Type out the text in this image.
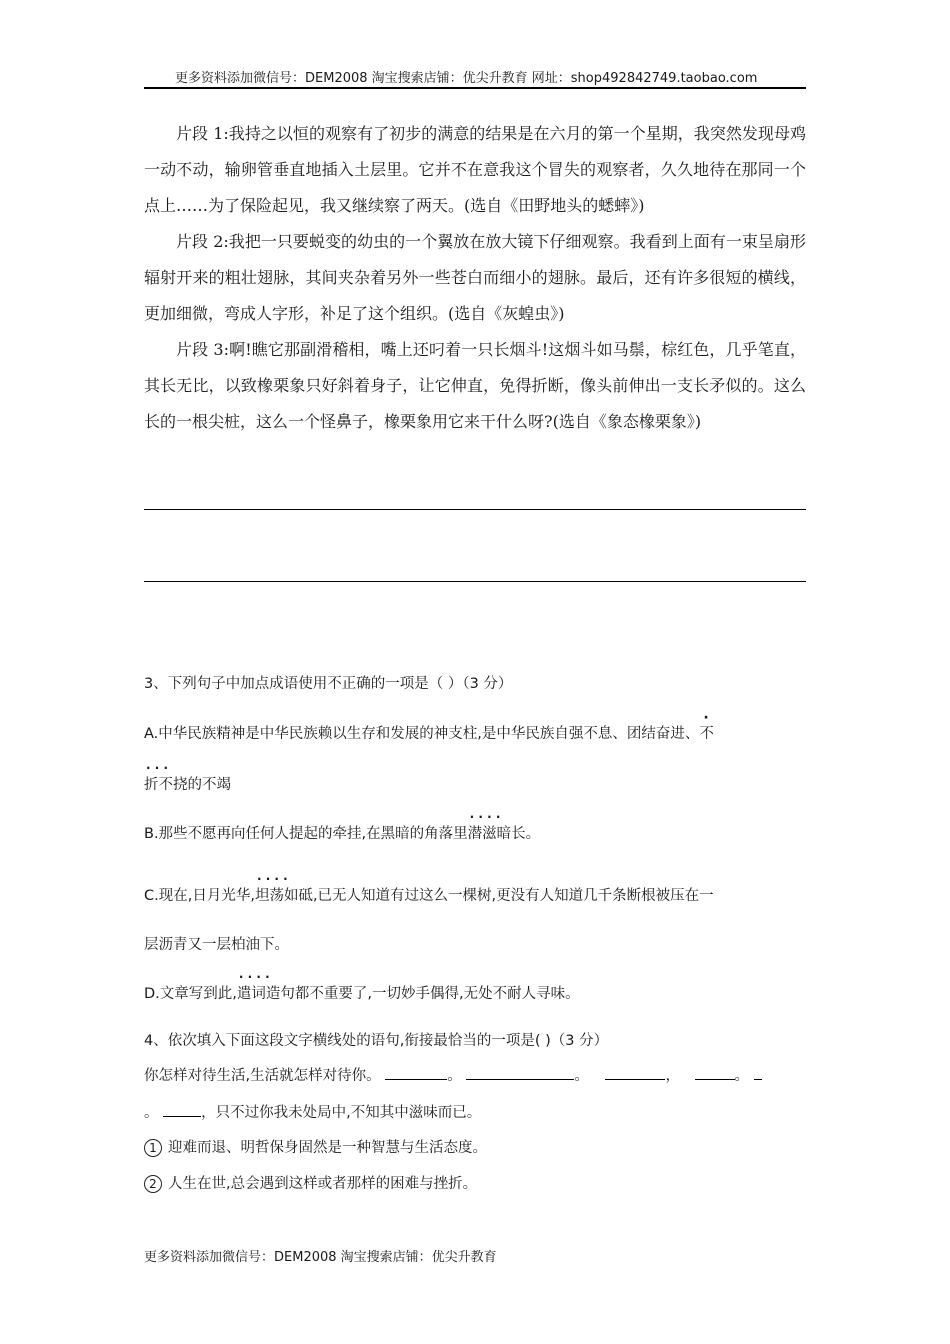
更多资料添加微信号：DEM2008 淘宝搜索店铺：优尖升教育 网址：shop492842749.taobao.com
片段 1:我持之以恒的观察有了初步的满意的结果是在六月的第一个星期，我突然发现母鸡一动不动，输卵管垂直地插入土层里。它并不在意我这个冒失的观察者，久久地待在那同一个点上……为了保险起见，我又继续察了两天。(选自《田野地头的蟋蟀》)
片段 2:我把一只要蜕变的幼虫的一个翼放在放大镜下仔细观察。我看到上面有一束呈扇形辐射开来的粗壮翅脉，其间夹杂着另外一些苍白而细小的翅脉。最后，还有许多很短的横线，更加细微，弯成人字形，补足了这个组织。(选自《灰蝗虫》)
片段 3:啊!瞧它那副滑稽相，嘴上还叼着一只长烟斗!这烟斗如马鬃，棕红色，几乎笔直，其长无比，以致橡栗象只好斜着身子，让它伸直，免得折断，像头前伸出一支长矛似的。这么长的一根尖桩，这么一个怪鼻子，橡栗象用它来干什么呀?(选自《象态橡栗象》)
3、下列句子中加点成语使用不正确的一项是（ ）（3 分）
A.中华民族精神是中华民族赖以生存和发展的神支柱,是中华民族自强不息、团结奋进、不
· · · 折不挠的不竭
B.那些不愿再向任何人提起的牵挂,在黑暗的角落里· · · · 潜滋暗长。
C.现在,日月光华,· · · · 坦荡如砥,已无人知道有过这么一棵树,更没有人知道几千条断根被压在一
层沥青又一层柏油下。
D.文章写到此,· · · · 遣词造句都不重要了,一切妙手偶得,无处不耐人寻味。
4、依次填入下面这段文字横线处的语句,衔接最恰当的一项是( )（3 分）
你怎样对待生活,生活就怎样对待你。	。	。	，	。
。	，只不过你我未处局中,不知其中滋味而已。
1 迎难而退、明哲保身固然是一种智慧与生活态度。
2 人生在世,总会遇到这样或者那样的困难与挫折。
更多资料添加微信号：DEM2008 淘宝搜索店铺：优尖升教育
